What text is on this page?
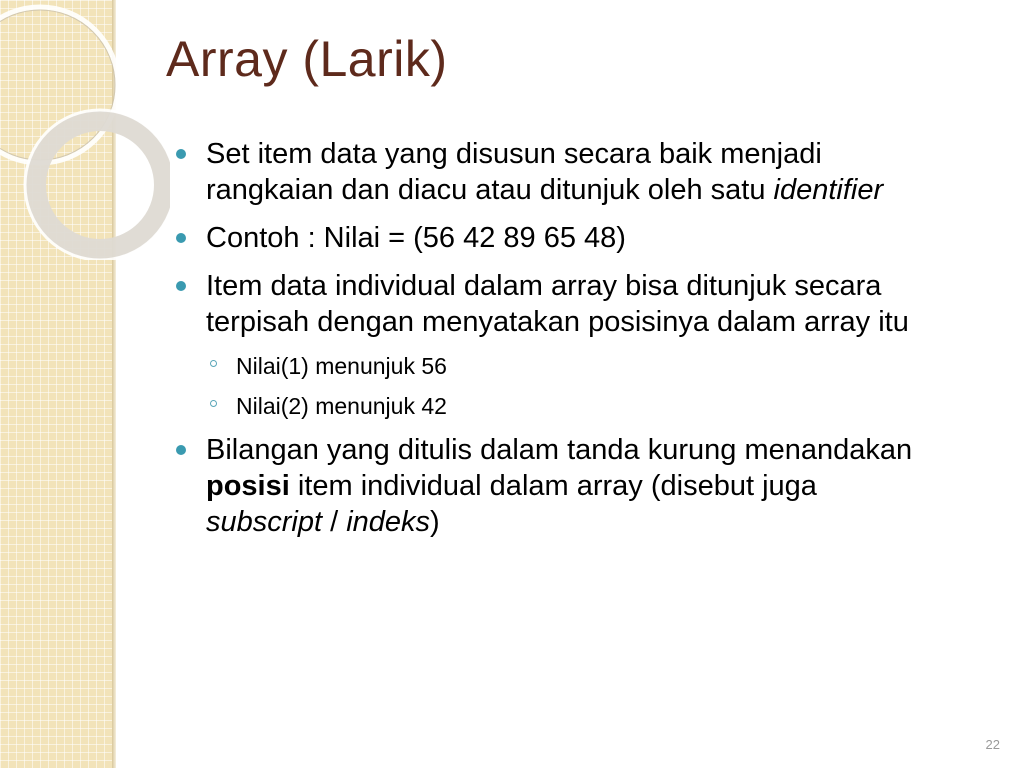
Array (Larik)
Set item data yang disusun secara baik menjadi
rangkaian dan diacu atau ditunjuk oleh satu identifier
Contoh : Nilai = (56 42 89 65 48)
Item data individual dalam array bisa ditunjuk secara
terpisah dengan menyatakan posisinya dalam array itu
Nilai(1) menunjuk 56
Nilai(2) menunjuk 42
Bilangan yang ditulis dalam tanda kurung menandakan
posisi item individual dalam array (disebut juga
subscript / indeks)
22
